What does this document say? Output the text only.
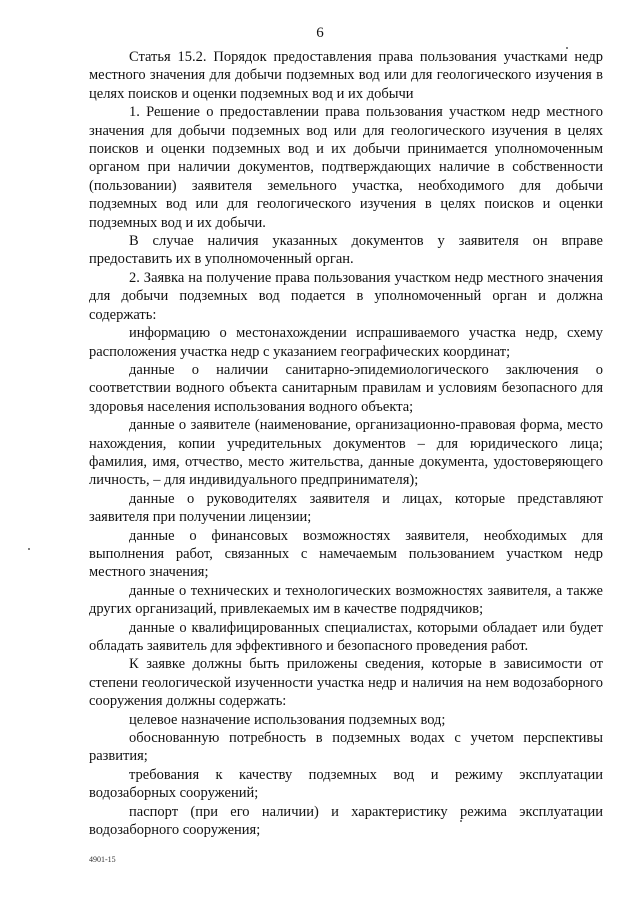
6

Статья 15.2. Порядок предоставления права пользования участками недр местного значения для добычи подземных вод или для геологического изучения в целях поисков и оценки подземных вод и их добычи

1. Решение о предоставлении права пользования участком недр местного значения для добычи подземных вод или для геологического изучения в целях поисков и оценки подземных вод и их добычи принимается уполномоченным органом при наличии документов, подтверждающих наличие в собственности (пользовании) заявителя земельного участка, необходимого для добычи подземных вод или для геологического изучения в целях поисков и оценки подземных вод и их добычи.

В случае наличия указанных документов у заявителя он вправе предоставить их в уполномоченный орган.

2. Заявка на получение права пользования участком недр местного значения для добычи подземных вод подается в уполномоченный орган и должна содержать:

информацию о местонахождении испрашиваемого участка недр, схему расположения участка недр с указанием географических координат;

данные о наличии санитарно-эпидемиологического заключения о соответствии водного объекта санитарным правилам и условиям безопасного для здоровья населения использования водного объекта;

данные о заявителе (наименование, организационно-правовая форма, место нахождения, копии учредительных документов – для юридического лица; фамилия, имя, отчество, место жительства, данные документа, удостоверяющего личность, – для индивидуального предпринимателя);

данные о руководителях заявителя и лицах, которые представляют заявителя при получении лицензии;

данные о финансовых возможностях заявителя, необходимых для выполнения работ, связанных с намечаемым пользованием участком недр местного значения;

данные о технических и технологических возможностях заявителя, а также других организаций, привлекаемых им в качестве подрядчиков;

данные о квалифицированных специалистах, которыми обладает или будет обладать заявитель для эффективного и безопасного проведения работ.

К заявке должны быть приложены сведения, которые в зависимости от степени геологической изученности участка недр и наличия на нем водозаборного сооружения должны содержать:

целевое назначение использования подземных вод;

обоснованную потребность в подземных водах с учетом перспективы развития;

требования к качеству подземных вод и режиму эксплуатации водозаборных сооружений;

паспорт (при его наличии) и характеристику режима эксплуатации водозаборного сооружения;

4901-15
